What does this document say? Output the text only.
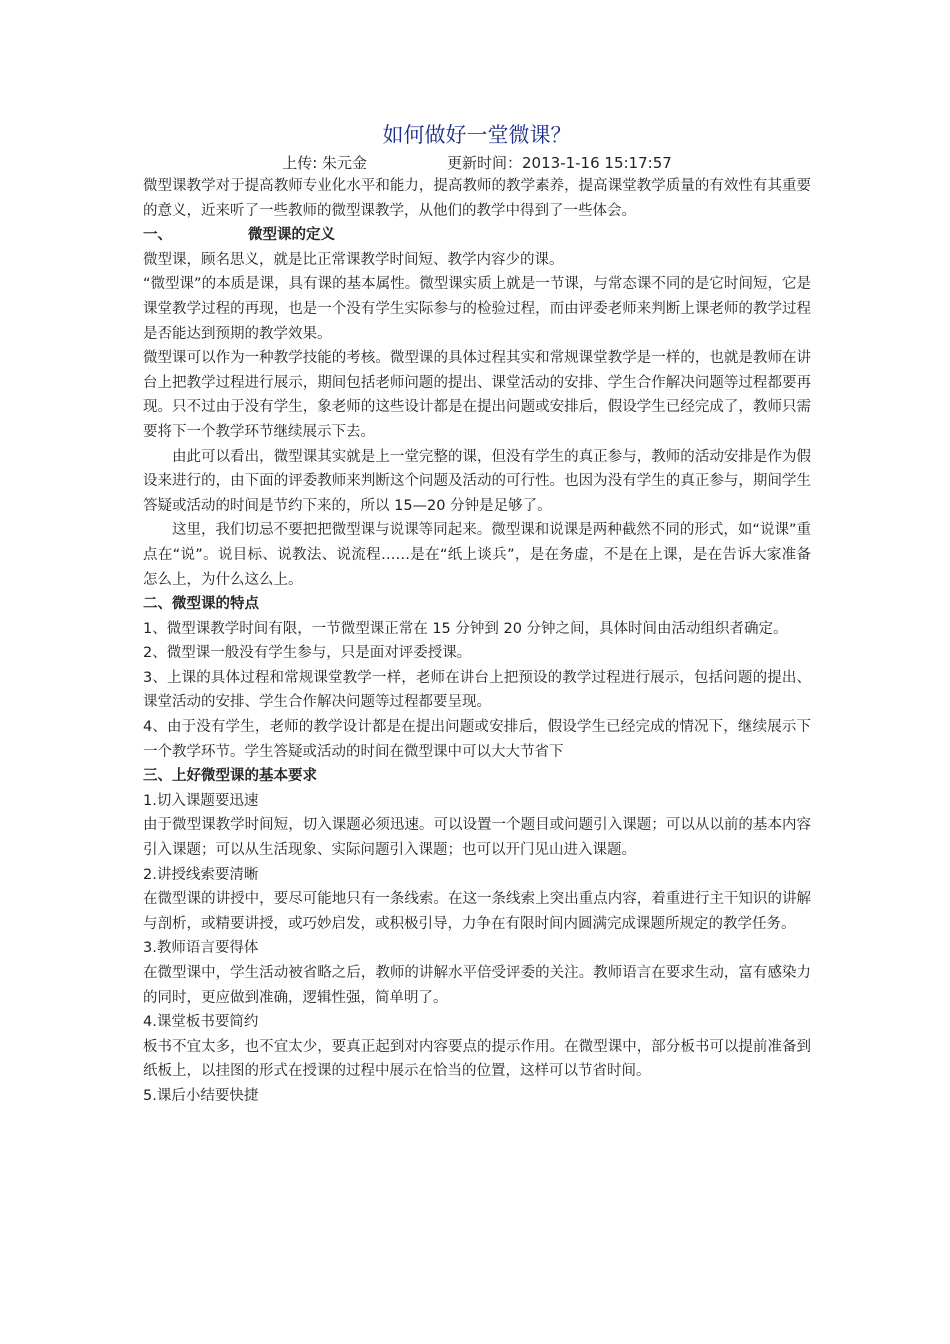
如何做好一堂微课？
上传: 朱元金	更新时间：2013-1-16 15:17:57

微型课教学对于提高教师专业化水平和能力，提高教师的教学素养，提高课堂教学质量的有效性有其重要的意义，近来听了一些教师的微型课教学，从他们的教学中得到了一些体会。

一、	微型课的定义

微型课，顾名思义，就是比正常课教学时间短、教学内容少的课。

“微型课”的本质是课，具有课的基本属性。微型课实质上就是一节课，与常态课不同的是它时间短，它是课堂教学过程的再现，也是一个没有学生实际参与的检验过程，而由评委老师来判断上课老师的教学过程是否能达到预期的教学效果。

微型课可以作为一种教学技能的考核。微型课的具体过程其实和常规课堂教学是一样的，也就是教师在讲台上把教学过程进行展示，期间包括老师问题的提出、课堂活动的安排、学生合作解决问题等过程都要再现。只不过由于没有学生，象老师的这些设计都是在提出问题或安排后，假设学生已经完成了，教师只需要将下一个教学环节继续展示下去。

由此可以看出，微型课其实就是上一堂完整的课，但没有学生的真正参与，教师的活动安排是作为假设来进行的，由下面的评委教师来判断这个问题及活动的可行性。也因为没有学生的真正参与，期间学生答疑或活动的时间是节约下来的，所以 15—20 分钟是足够了。

这里，我们切忌不要把把微型课与说课等同起来。微型课和说课是两种截然不同的形式，如“说课”重点在“说”。说目标、说教法、说流程……是在“纸上谈兵”，是在务虚，不是在上课，是在告诉大家准备怎么上，为什么这么上。

二、微型课的特点

1、微型课教学时间有限，一节微型课正常在 15 分钟到 20 分钟之间，具体时间由活动组织者确定。

2、微型课一般没有学生参与，只是面对评委授课。

3、上课的具体过程和常规课堂教学一样，老师在讲台上把预设的教学过程进行展示，包括问题的提出、课堂活动的安排、学生合作解决问题等过程都要呈现。

4、由于没有学生，老师的教学设计都是在提出问题或安排后，假设学生已经完成的情况下，继续展示下一个教学环节。学生答疑或活动的时间在微型课中可以大大节省下

三、上好微型课的基本要求
1.切入课题要迅速

由于微型课教学时间短，切入课题必须迅速。可以设置一个题目或问题引入课题；可以从以前的基本内容引入课题；可以从生活现象、实际问题引入课题；也可以开门见山进入课题。

2.讲授线索要清晰

在微型课的讲授中，要尽可能地只有一条线索。在这一条线索上突出重点内容，着重进行主干知识的讲解与剖析，或精要讲授，或巧妙启发，或积极引导，力争在有限时间内圆满完成课题所规定的教学任务。

3.教师语言要得体

在微型课中，学生活动被省略之后，教师的讲解水平倍受评委的关注。教师语言在要求生动，富有感染力的同时，更应做到准确，逻辑性强，简单明了。

4.课堂板书要简约

板书不宜太多，也不宜太少，要真正起到对内容要点的提示作用。在微型课中，部分板书可以提前准备到纸板上，以挂图的形式在授课的过程中展示在恰当的位置，这样可以节省时间。

5.课后小结要快捷
